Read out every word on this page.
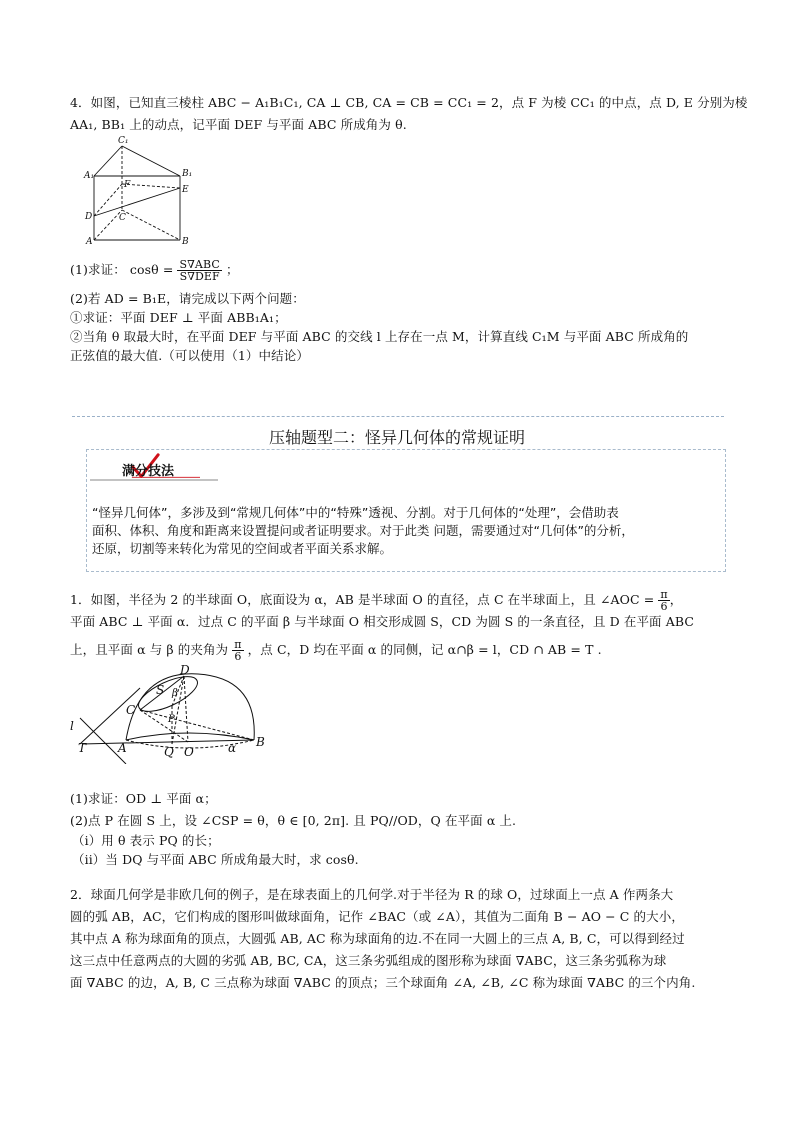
4．如图，已知直三棱柱 ABC − A₁B₁C₁, CA ⊥ CB, CA = CB = CC₁ = 2，点 F 为棱 CC₁ 的中点，点 D, E 分别为棱
AA₁, BB₁ 上的动点，记平面 DEF 与平面 ABC 所成角为 θ.
C₁
A₁	B₁
F	E
C
D
A	B
(1)求证： $\cos\theta = \frac{\text{S∇ABC}}{\text{S∇DEF}}$ ；
(2)若 AD = B₁E，请完成以下两个问题：
①求证：平面 DEF ⊥ 平面 ABB₁A₁；
②当角 θ 取最大时，在平面 DEF 与平面 ABC 的交线 l 上存在一点 M，计算直线 C₁M 与平面 ABC 所成角的
正弦值的最大值.（可以使用（1）中结论）
压轴题型二：怪异几何体的常规证明
满分技法
“怪异几何体”，多涉及到“常规几何体”中的“特殊”透视、分割。对于几何体的“处理”，会借助表
面积、体积、角度和距离来设置提问或者证明要求。对于此类 问题，需要通过对“几何体”的分析，
还原，切割等来转化为常见的空间或者平面关系求解。
1．如图，半径为 2 的半球面 O，底面设为 α，AB 是半球面 O 的直径，点 C 在半球面上，且 ∠AOC = $\frac{\pi}{6}$ ，
平面 ABC ⊥ 平面 α．过点 C 的平面 β 与半球面 O 相交形成圆 S，CD 为圆 S 的一条直径，且 D 在平面 ABC
上，且平面 α 与 β 的夹角为 $\frac{\pi}{6}$ ，点 C，D 均在平面 α 的同侧，记 α∩β = l，CD ∩ AB = T .
D
S β
C
P
l
T	A	Q O	α B
(1)求证：OD ⊥ 平面 α；
(2)点 P 在圆 S 上，设 ∠CSP = θ，θ ∈ [0, 2π]. 且 PQ//OD，Q 在平面 α 上.
（i）用 θ 表示 PQ 的长；
（ii）当 DQ 与平面 ABC 所成角最大时，求 cosθ.
2．球面几何学是非欧几何的例子，是在球表面上的几何学.对于半径为 R 的球 O，过球面上一点 A 作两条大
圆的弧 AB，AC，它们构成的图形叫做球面角，记作 ∠BAC（或 ∠A），其值为二面角 B − AO − C 的大小，
其中点 A 称为球面角的顶点，大圆弧 AB, AC 称为球面角的边.不在同一大圆上的三点 A, B, C，可以得到经过
这三点中任意两点的大圆的劣弧 AB, BC, CA，这三条劣弧组成的图形称为球面 ∇ABC，这三条劣弧称为球
面 ∇ABC 的边，A, B, C 三点称为球面 ∇ABC 的顶点；三个球面角 ∠A, ∠B, ∠C 称为球面 ∇ABC 的三个内角.
